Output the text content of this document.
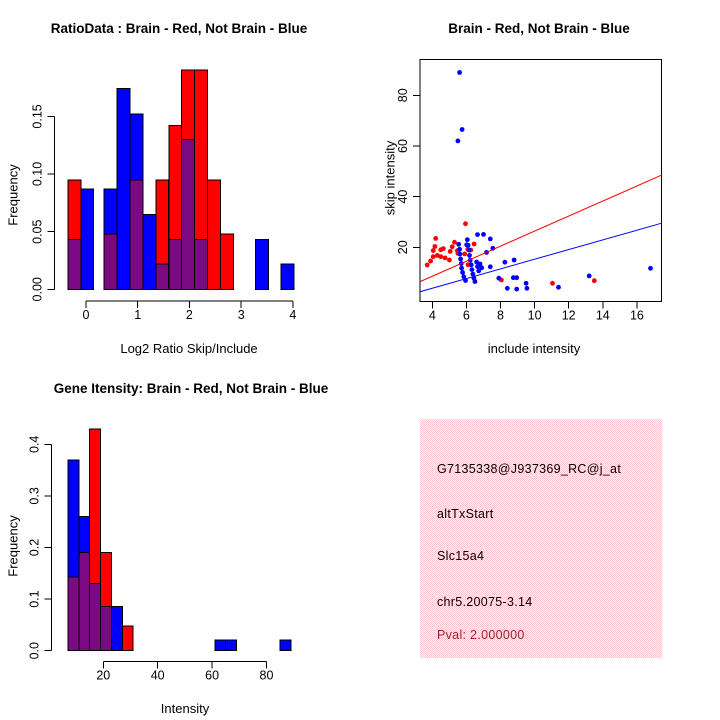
0.00
0.05
0.10
0.15
0	1	2	3	4	4 6 8 10 12 14 16
20
40
60
80
0.0
0.1
0.2
0.3
0.4
20	40	60	80
RatioData : Brain - Red, Not Brain - Blue
Log2 Ratio Skip/Include
Frequency
Brain - Red, Not Brain - Blue
include intensity
skip intensity
Gene Itensity: Brain - Red, Not Brain - Blue
Intensity
Frequency
G7135338@J937369_RC@j_at
altTxStart
Slc15a4
chr5.20075-3.14
Pval: 2.000000
